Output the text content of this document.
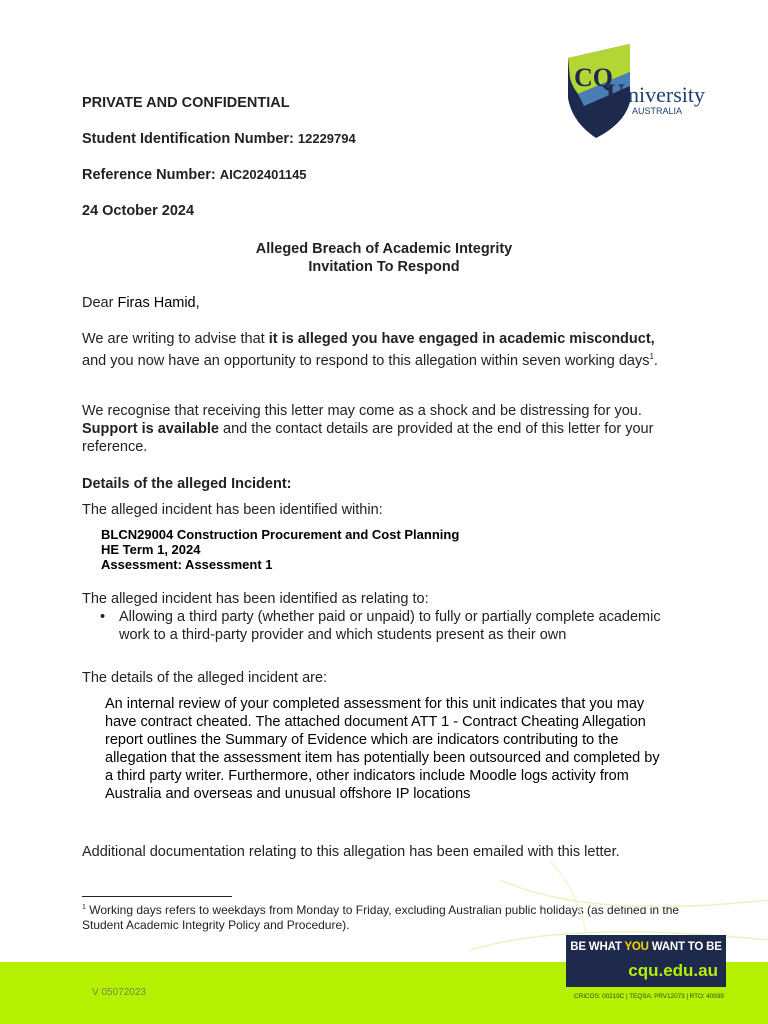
CQ
U niversity
AUSTRALIA
PRIVATE AND CONFIDENTIAL
Student Identification Number: 12229794
Reference Number: AIC202401145
24 October 2024
Alleged Breach of Academic Integrity
Invitation To Respond
Dear Firas Hamid,
We are writing to advise that it is alleged you have engaged in academic misconduct, and you now have an opportunity to respond to this allegation within seven working days$^1$.
We recognise that receiving this letter may come as a shock and be distressing for you. Support is available and the contact details are provided at the end of this letter for your reference.
Details of the alleged Incident:
The alleged incident has been identified within:
BLCN29004 Construction Procurement and Cost Planning
HE Term 1, 2024
Assessment: Assessment 1
The alleged incident has been identified as relating to:
• Allowing a third party (whether paid or unpaid) to fully or partially complete academic work to a third-party provider and which students present as their own
The details of the alleged incident are:
An internal review of your completed assessment for this unit indicates that you may have contract cheated. The attached document ATT 1 - Contract Cheating Allegation report outlines the Summary of Evidence which are indicators contributing to the allegation that the assessment item has potentially been outsourced and completed by a third party writer. Furthermore, other indicators include Moodle logs activity from Australia and overseas and unusual offshore IP locations
Additional documentation relating to this allegation has been emailed with this letter.
$^1$ Working days refers to weekdays from Monday to Friday, excluding Australian public holidays (as defined in the Student Academic Integrity Policy and Procedure).
BE WHAT YOU WANT TO BE
cqu.edu.au
V 05072023	CRICOS: 00219C | TEQSA: PRV12073 | RTO: 40939
